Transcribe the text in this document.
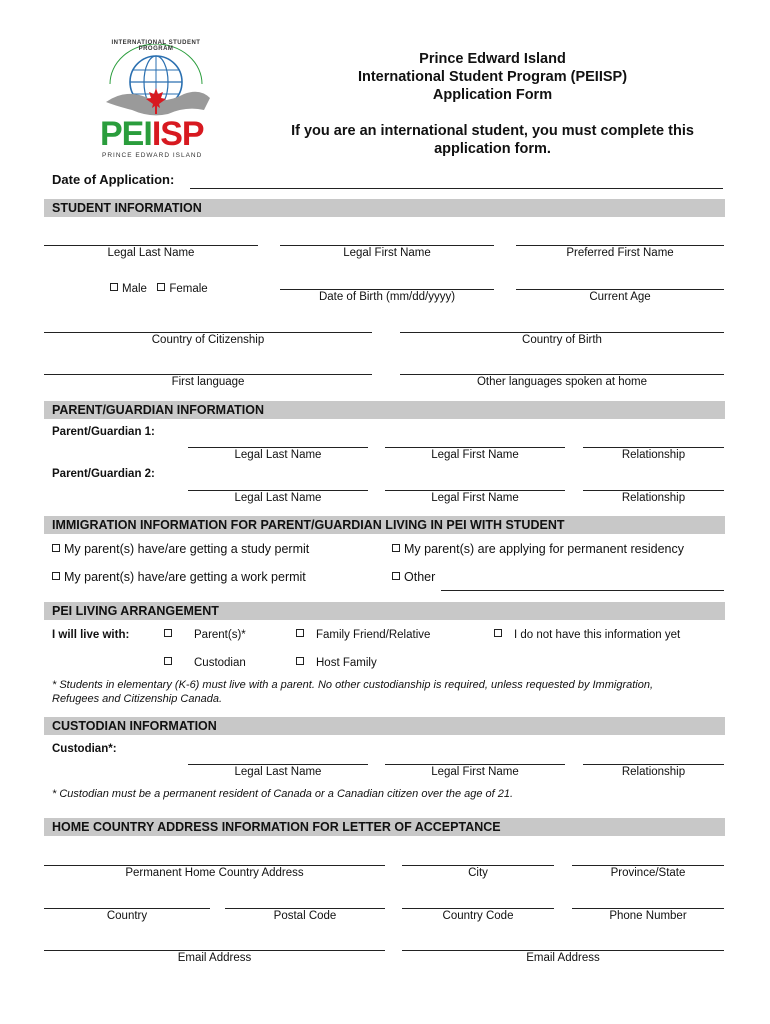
INTERNATIONAL STUDENT PROGRAM
PEIISP
PRINCE EDWARD ISLAND
Prince Edward Island
International Student Program (PEIISP)
Application Form
If you are an international student, you must complete this
application form.
Date of Application:
STUDENT INFORMATION
Legal Last Name	Legal First Name	Preferred First Name
Male Female
Date of Birth (mm/dd/yyyy)	Current Age
Country of Citizenship	Country of Birth
First language	Other languages spoken at home
PARENT/GUARDIAN INFORMATION
Parent/Guardian 1:
Legal Last Name	Legal First Name	Relationship
Parent/Guardian 2:
Legal Last Name	Legal First Name	Relationship
IMMIGRATION INFORMATION FOR PARENT/GUARDIAN LIVING IN PEI WITH STUDENT
My parent(s) have/are getting a study permit	My parent(s) are applying for permanent residency
My parent(s) have/are getting a work permit	Other
PEI LIVING ARRANGEMENT
I will live with:	Parent(s)*	Family Friend/Relative	I do not have this information yet
Custodian	Host Family
* Students in elementary (K-6) must live with a parent. No other custodianship is required, unless requested by Immigration,
Refugees and Citizenship Canada.
CUSTODIAN INFORMATION
Custodian*:
Legal Last Name	Legal First Name	Relationship
* Custodian must be a permanent resident of Canada or a Canadian citizen over the age of 21.
HOME COUNTRY ADDRESS INFORMATION FOR LETTER OF ACCEPTANCE
Permanent Home Country Address	City	Province/State
Country	Postal Code	Country Code	Phone Number
Email Address	Email Address
